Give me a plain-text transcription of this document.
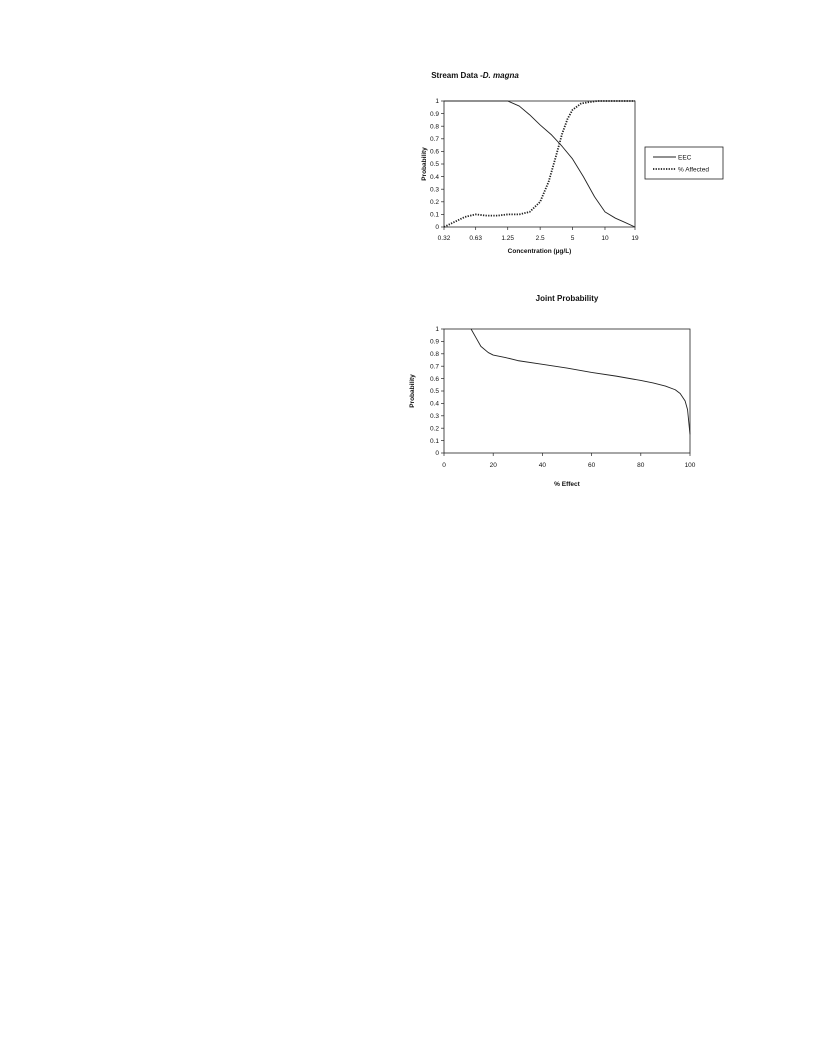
Stream Data -D. magna
Joint Probability
0
0.1
0.2
0.3
0.4
0.5
0.6
0.7
0.8
0.9
1
0.32	0.63	1.25	2.5	5	10	19
Concentration (µg/L)
Probability	EEC
% Affected
0
0.1
0.2
0.3
0.4
0.5
0.6
0.7
0.8
0.9
1
0	20	40	60	80	100
% Effect
Probability
